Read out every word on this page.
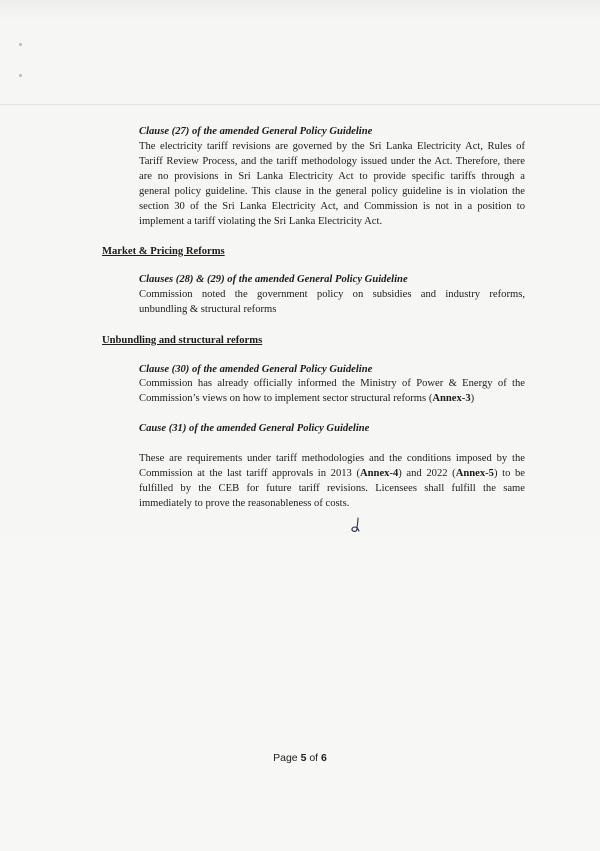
Clause (27) of the amended General Policy Guideline
The electricity tariff revisions are governed by the Sri Lanka Electricity Act, Rules of
Tariff Review Process, and the tariff methodology issued under the Act. Therefore, there
are no provisions in Sri Lanka Electricity Act to provide specific tariffs through a
general policy guideline. This clause in the general policy guideline is in violation the
section 30 of the Sri Lanka Electricity Act, and Commission is not in a position to
implement a tariff violating the Sri Lanka Electricity Act.
Market & Pricing Reforms
Clauses (28) & (29) of the amended General Policy Guideline
Commission noted the government policy on subsidies and industry reforms,
unbundling & structural reforms
Unbundling and structural reforms
Clause (30) of the amended General Policy Guideline
Commission has already officially informed the Ministry of Power & Energy of the
Commission’s views on how to implement sector structural reforms (Annex-3)
Cause (31) of the amended General Policy Guideline
These are requirements under tariff methodologies and the conditions imposed by the
Commission at the last tariff approvals in 2013 (Annex-4) and 2022 (Annex-5) to be
fulfilled by the CEB for future tariff revisions. Licensees shall fulfill the same
immediately to prove the reasonableness of costs.
Page 5 of 6
